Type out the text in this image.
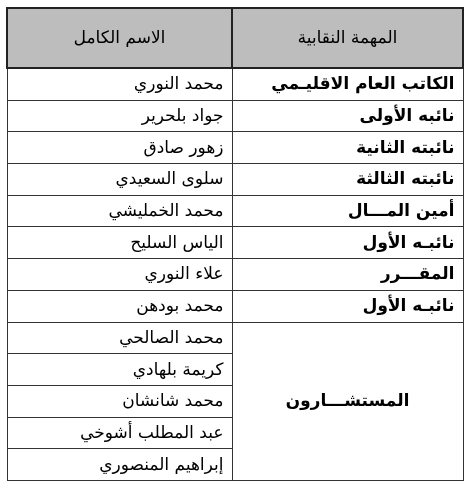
المهمة النقابية	الاسم الكامل
الكاتب العام الاقليـمي	محمد النوري
نائبه الأولى	جواد بلحرير
نائبته الثانية	زهور صادق
نائبته الثالثة	سلوى السعيدي
أمين المـــال	محمد الخمليشي
نائبـه الأول	الياس السليح
المقـــرر	علاء النوري
نائبـه الأول	محمد بودهن
المستشـــارون	محمد الصالحي
	كريمة بلهادي
	محمد شانشان
	عبد المطلب أشوخي
	إبراهيم المنصوري
